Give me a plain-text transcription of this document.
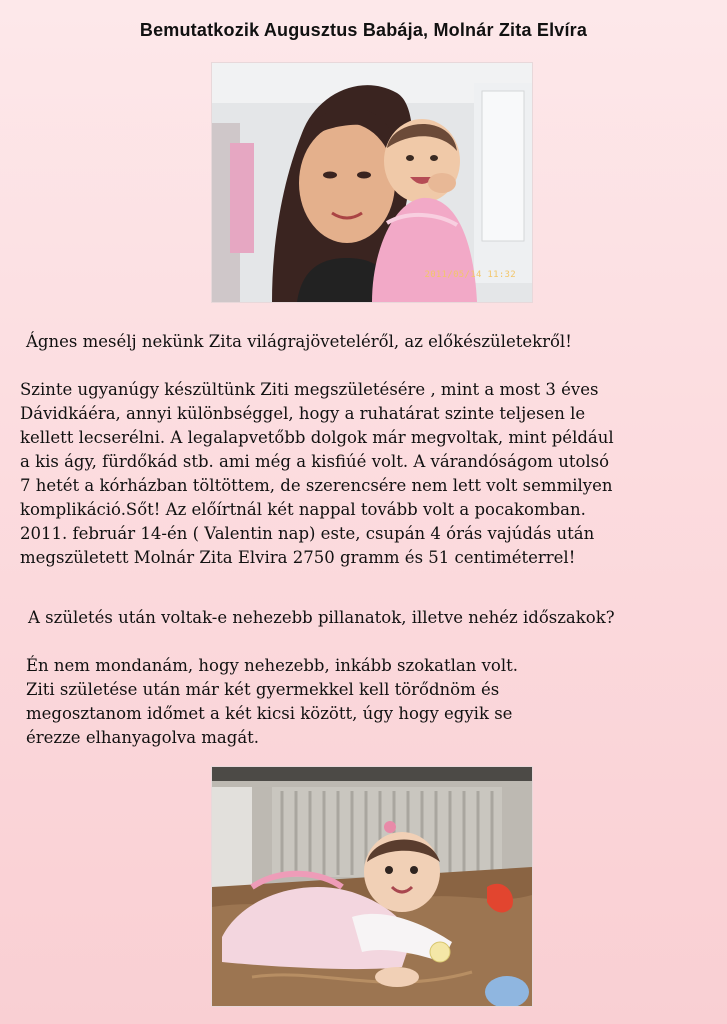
Bemutatkozik Augusztus Babája, Molnár Zita Elvíra
2011/05/14 11:32

Ágnes mesélj nekünk Zita világrajöveteléről, az előkészületekről!

Szinte ugyanúgy készültünk Ziti megszületésére , mint a most 3 éves
Dávidkáéra, annyi különbséggel, hogy a ruhatárat szinte teljesen le
kellett lecserélni. A legalapvetőbb dolgok már megvoltak, mint például
a kis ágy, fürdőkád stb. ami még a kisfiúé volt. A várandóságom utolsó
7 hetét a kórházban töltöttem, de szerencsére nem lett volt semmilyen
komplikáció.Sőt! Az előírtnál két nappal tovább volt a pocakomban.
2011. február 14-én ( Valentin nap) este, csupán 4 órás vajúdás után
megszületett Molnár Zita Elvira 2750 gramm és 51 centiméterrel!

A születés után voltak-e nehezebb pillanatok, illetve nehéz időszakok?

Én nem mondanám, hogy nehezebb, inkább szokatlan volt.
Ziti születése után már két gyermekkel kell törődnöm és
megosztanom időmet a két kicsi között, úgy hogy egyik se
érezze elhanyagolva magát.
